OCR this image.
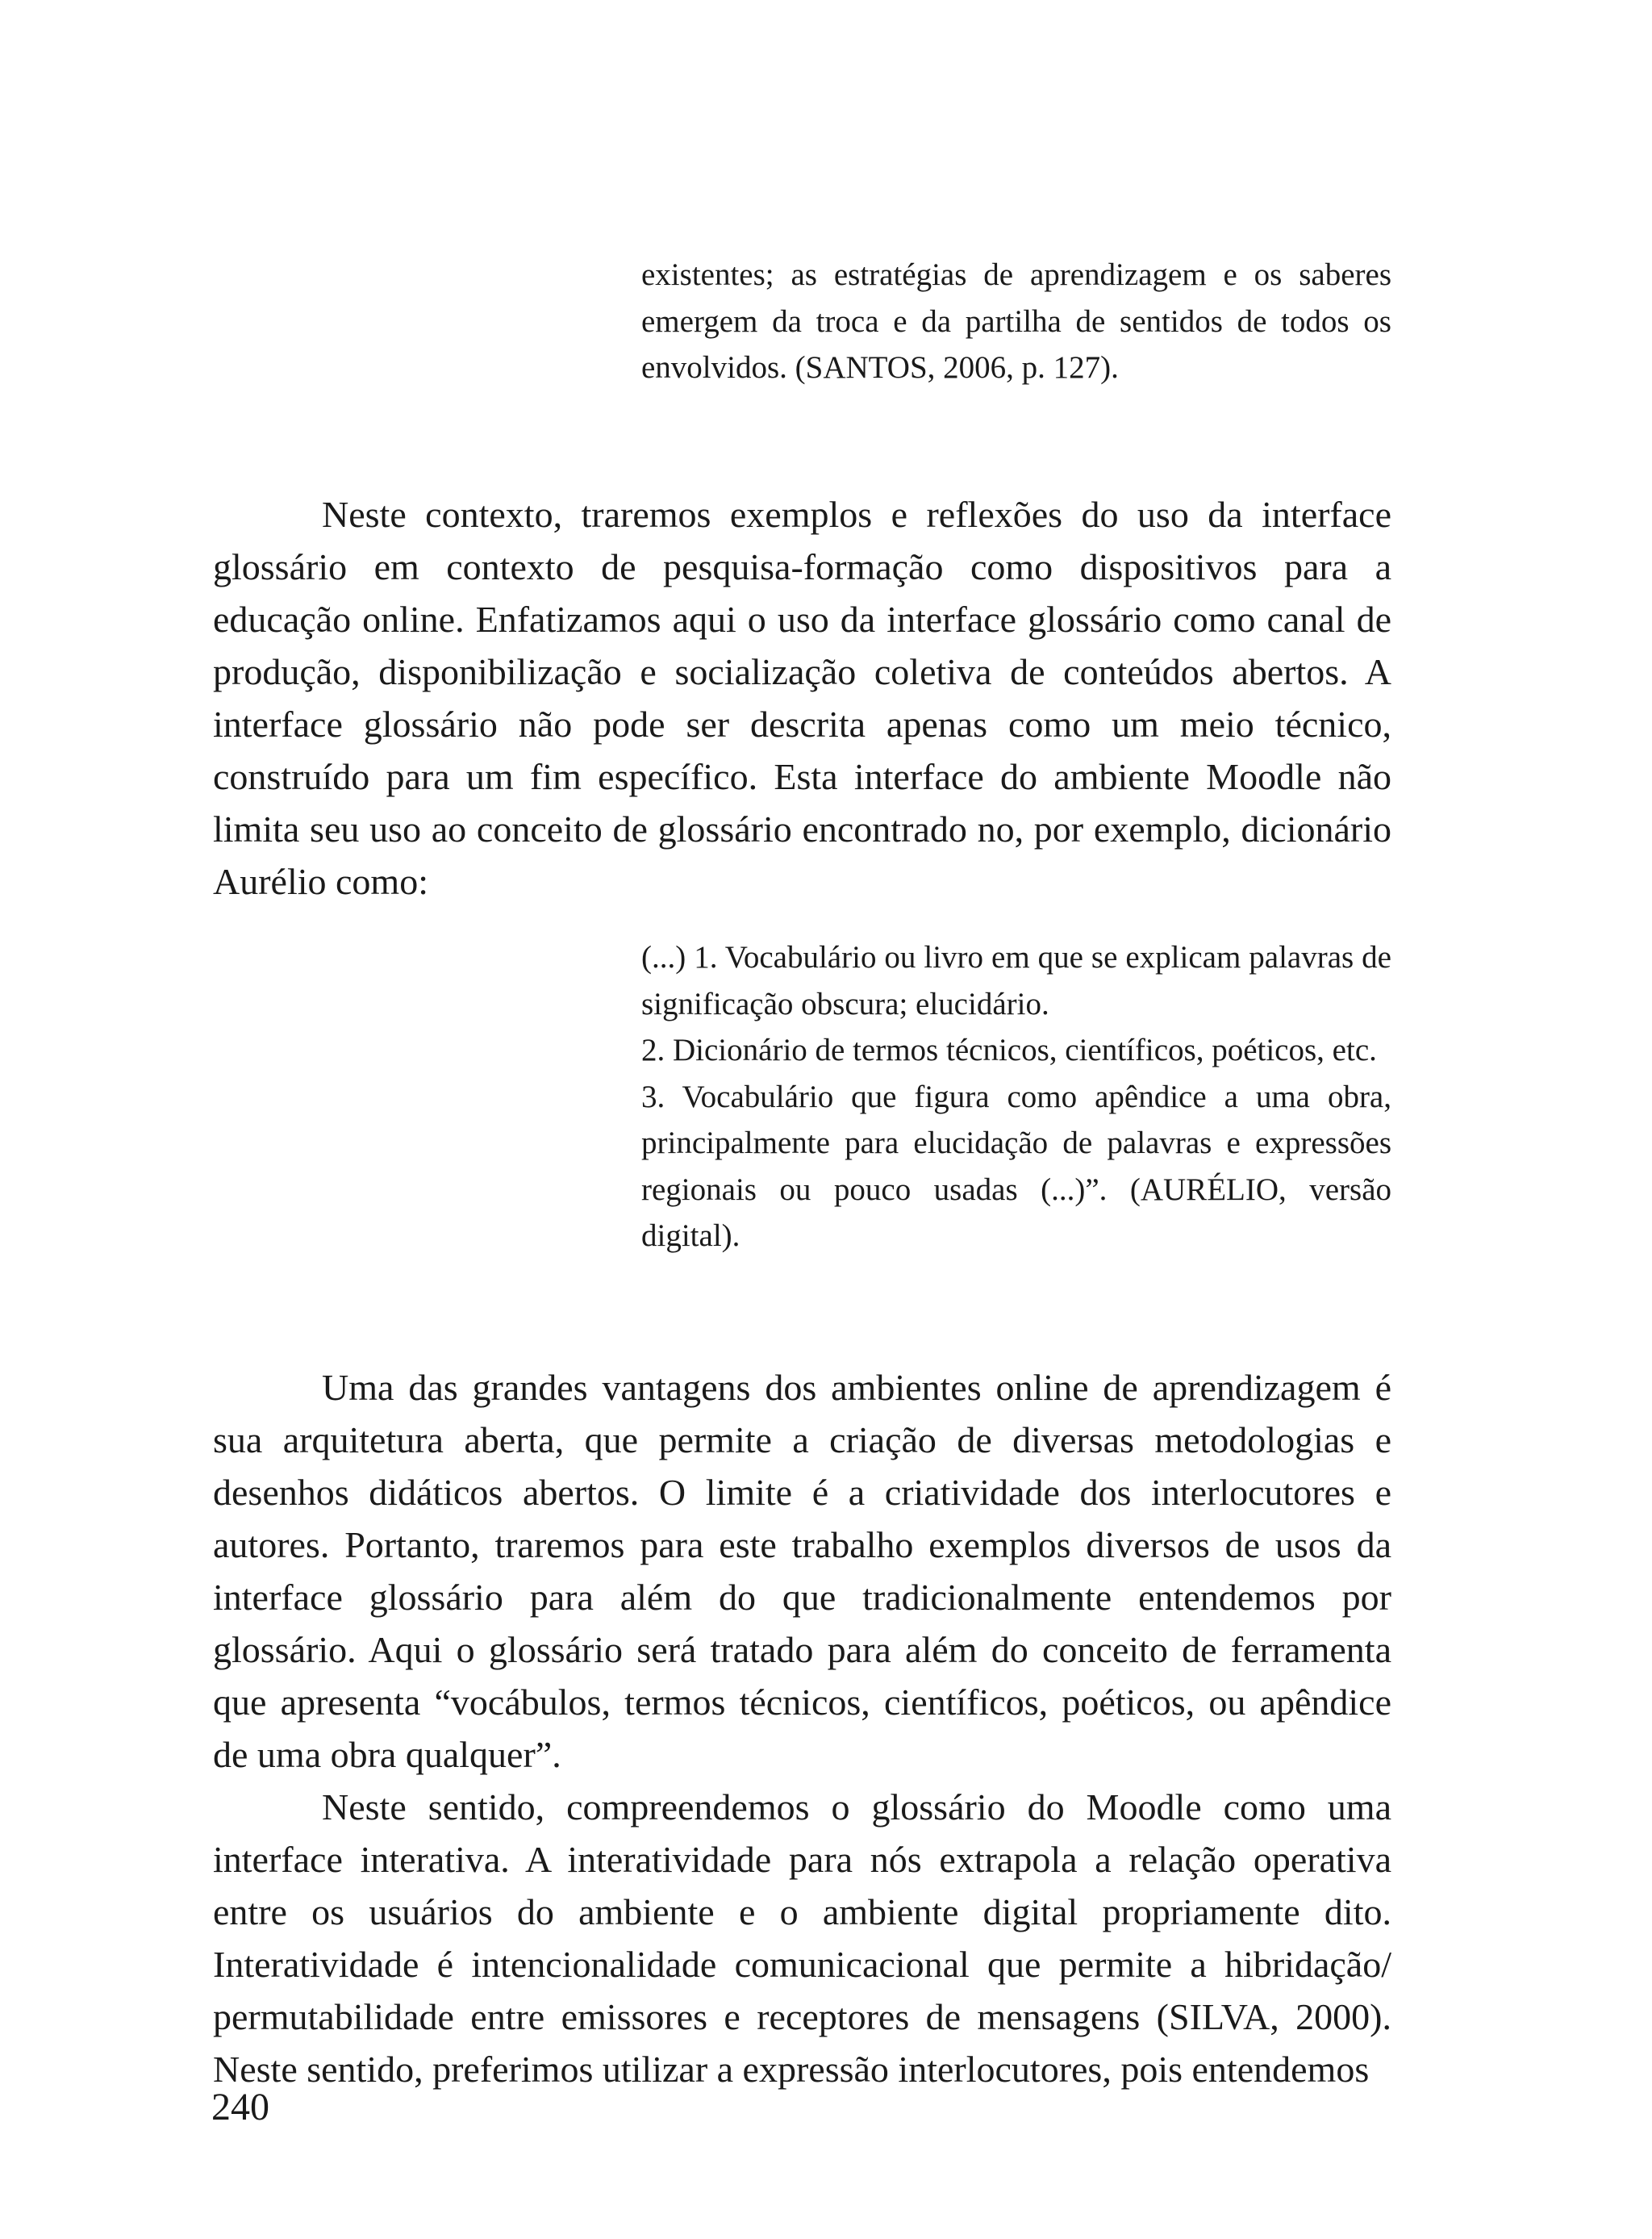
existentes; as estratégias de aprendizagem e os saberes emergem da troca e da partilha de sentidos de todos os envolvidos. (SANTOS, 2006, p. 127).

Neste contexto, traremos exemplos e reflexões do uso da interface glossário em contexto de pesquisa-formação como dispositivos para a educação online. Enfatizamos aqui o uso da interface glossário como canal de produção, disponibilização e socialização coletiva de conteúdos abertos. A interface glossário não pode ser descrita apenas como um meio técnico, construído para um fim específico. Esta interface do ambiente Moodle não limita seu uso ao conceito de glossário encontrado no, por exemplo, dicionário Aurélio como:

(...) 1. Vocabulário ou livro em que se explicam palavras de significação obscura; elucidário.

2. Dicionário de termos técnicos, científicos, poéticos, etc.

3. Vocabulário que figura como apêndice a uma obra, principalmente para elucidação de palavras e expressões regionais ou pouco usadas (...)”. (AURÉLIO, versão digital).

Uma das grandes vantagens dos ambientes online de aprendizagem é sua arquitetura aberta, que permite a criação de diversas metodologias e desenhos didáticos abertos. O limite é a criatividade dos interlocutores e autores. Portanto, traremos para este trabalho exemplos diversos de usos da interface glossário para além do que tradicionalmente entendemos por glossário. Aqui o glossário será tratado para além do conceito de ferramenta que apresenta “vocábulos, termos técnicos, científicos, poéticos, ou apêndice de uma obra qualquer”.

Neste sentido, compreendemos o glossário do Moodle como uma interface interativa. A interatividade para nós extrapola a relação operativa entre os usuários do ambiente e o ambiente digital propriamente dito. Interatividade é intencionalidade comunicacional que permite a hibridação/ permutabilidade entre emissores e receptores de mensagens (SILVA, 2000). Neste sentido, preferimos utilizar a expressão interlocutores, pois entendemos

240
